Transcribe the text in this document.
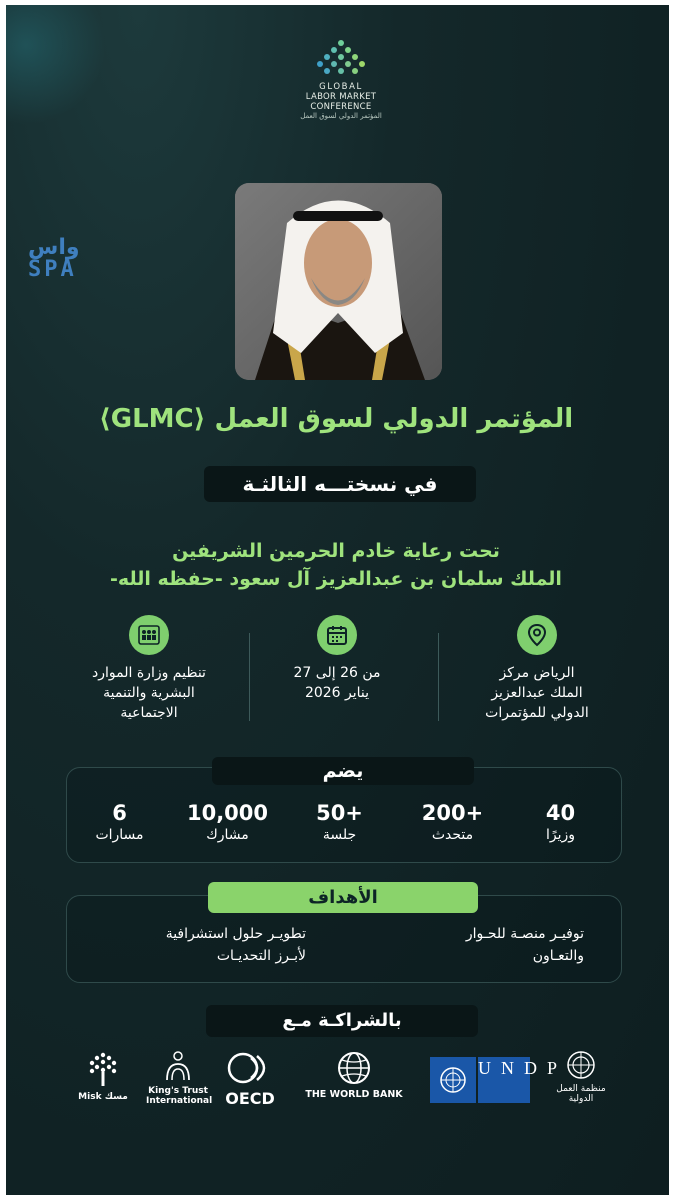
GLOBAL
LABOR MARKET
CONFERENCE
المؤتمر الدولي لسوق العمل
واس
SPA
المؤتمر الدولي لسوق العمل ⟨GLMC⟩
في نسختـــه الثالثـة
تحت رعاية خادم الحرمين الشريفين
الملك سلمان بن عبدالعزيز آل سعود -حفظه الله-
الرياض مركز
الملك عبدالعزيز
الدولي للمؤتمرات
من 26 إلى 27
يناير 2026
تنظيم وزارة الموارد
البشرية والتنمية
الاجتماعية
يضم
40
وزيرًا
200+
متحدث
50+
جلسة
10,000
مشارك
6
مسارات
الأهداف
توفيـر منصـة للحـوار
والتعـاون
تطويـر حلول استشرافية
لأبـرز التحديـات
بالشراكـة مـع
منظمة العمل الدولية
UNDP
THE WORLD BANK
OECD
King's Trust International
Misk مسك
